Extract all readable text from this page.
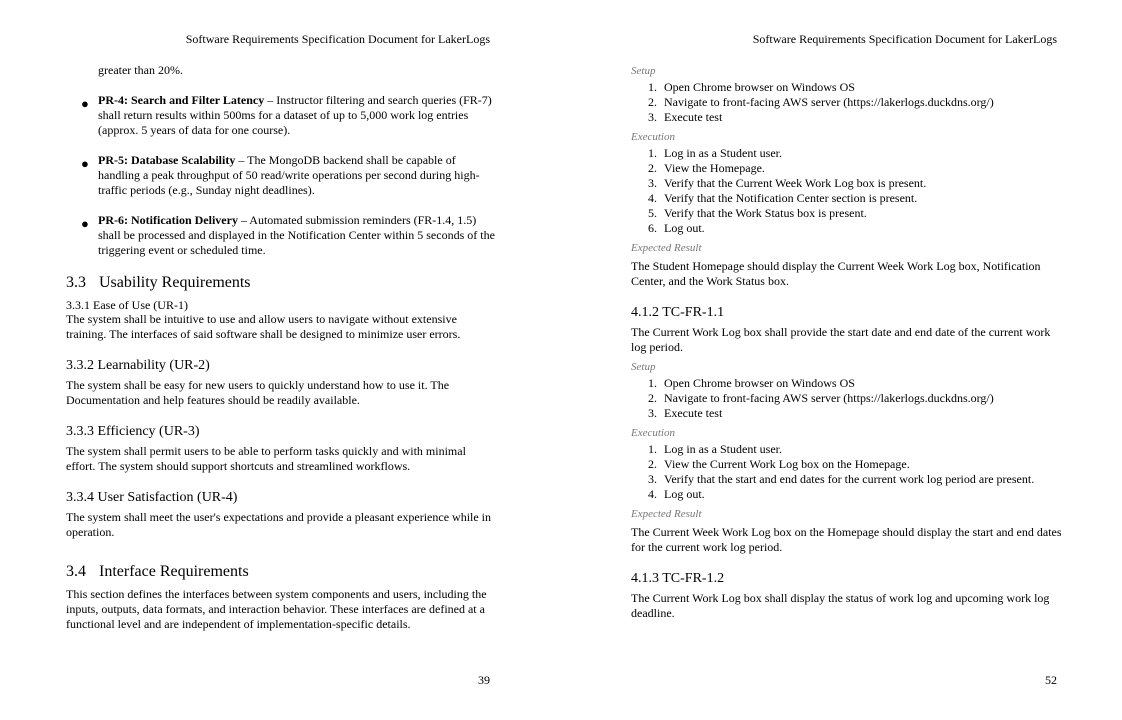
Software Requirements Specification Document for LakerLogs

greater than 20%.

● PR-4: Search and Filter Latency – Instructor filtering and search queries (FR-7) shall return results within 500ms for a dataset of up to 5,000 work log entries (approx. 5 years of data for one course).
● PR-5: Database Scalability – The MongoDB backend shall be capable of handling a peak throughput of 50 read/write operations per second during high-traffic periods (e.g., Sunday night deadlines).
● PR-6: Notification Delivery – Automated submission reminders (FR-1.4, 1.5) shall be processed and displayed in the Notification Center within 5 seconds of the triggering event or scheduled time.
3.3 Usability Requirements
3.3.1 Ease of Use (UR-1)

The system shall be intuitive to use and allow users to navigate without extensive training. The interfaces of said software shall be designed to minimize user errors.

3.3.2 Learnability (UR-2)

The system shall be easy for new users to quickly understand how to use it. The Documentation and help features should be readily available.

3.3.3 Efficiency (UR-3)

The system shall permit users to be able to perform tasks quickly and with minimal effort. The system should support shortcuts and streamlined workflows.

3.3.4 User Satisfaction (UR-4)

The system shall meet the user's expectations and provide a pleasant experience while in operation.

3.4 Interface Requirements

This section defines the interfaces between system components and users, including the inputs, outputs, data formats, and interaction behavior. These interfaces are defined at a functional level and are independent of implementation-specific details.

39
Software Requirements Specification Document for LakerLogs
Setup
1. Open Chrome browser on Windows OS
2. Navigate to front-facing AWS server (https://lakerlogs.duckdns.org/)
3. Execute test
Execution
1. Log in as a Student user.
2. View the Homepage.
3. Verify that the Current Week Work Log box is present.
4. Verify that the Notification Center section is present.
5. Verify that the Work Status box is present.
6. Log out.
Expected Result

The Student Homepage should display the Current Week Work Log box, Notification Center, and the Work Status box.

4.1.2 TC-FR-1.1

The Current Work Log box shall provide the start date and end date of the current work log period.

Setup
1. Open Chrome browser on Windows OS
2. Navigate to front-facing AWS server (https://lakerlogs.duckdns.org/)
3. Execute test
Execution
1. Log in as a Student user.
2. View the Current Work Log box on the Homepage.
3. Verify that the start and end dates for the current work log period are present.
4. Log out.
Expected Result

The Current Week Work Log box on the Homepage should display the start and end dates for the current work log period.

4.1.3 TC-FR-1.2

The Current Work Log box shall display the status of work log and upcoming work log deadline.

52
